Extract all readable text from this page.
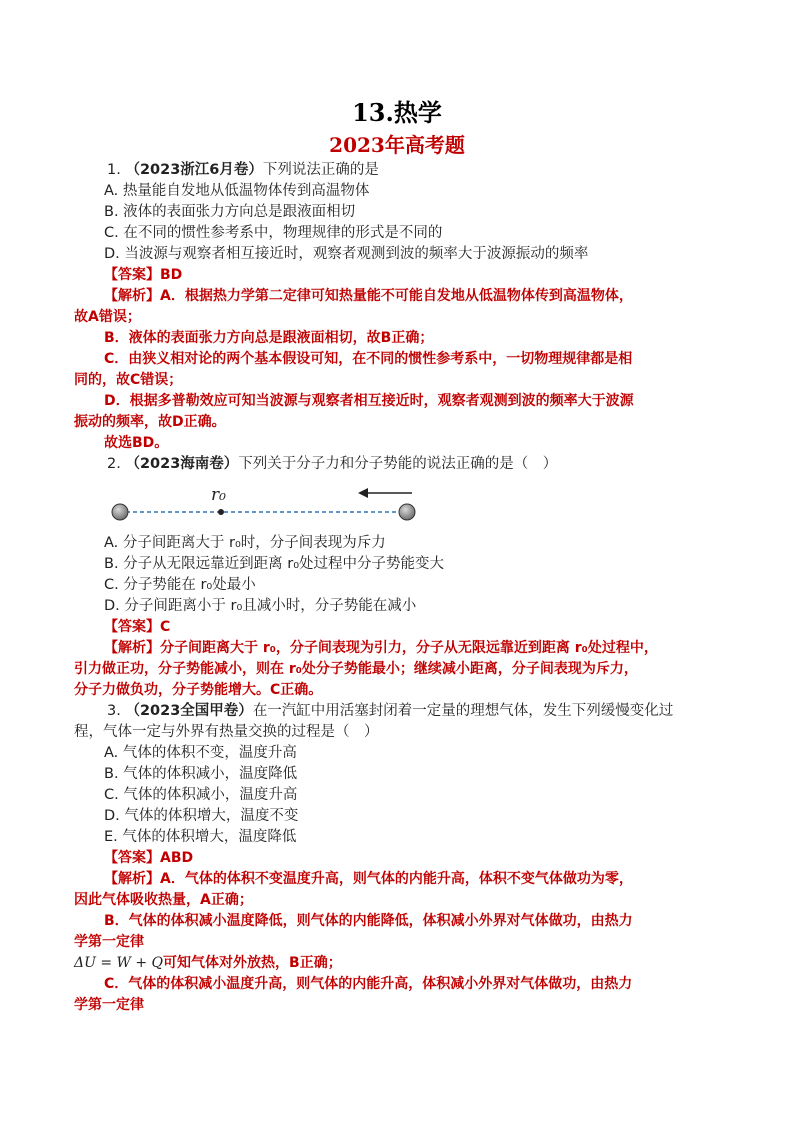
13.热学
2023年高考题
1. （2023浙江6月卷）下列说法正确的是
A. 热量能自发地从低温物体传到高温物体
B. 液体的表面张力方向总是跟液面相切
C. 在不同的惯性参考系中，物理规律的形式是不同的
D. 当波源与观察者相互接近时，观察者观测到波的频率大于波源振动的频率
【答案】BD
【解析】A．根据热力学第二定律可知热量能不可能自发地从低温物体传到高温物体，
故A错误；
B．液体的表面张力方向总是跟液面相切，故B正确；
C．由狭义相对论的两个基本假设可知，在不同的惯性参考系中，一切物理规律都是相
同的，故C错误；
D．根据多普勒效应可知当波源与观察者相互接近时，观察者观测到波的频率大于波源
振动的频率，故D正确。
故选BD。
2. （2023海南卷）下列关于分子力和分子势能的说法正确的是（　）
r₀
A. 分子间距离大于 r₀时，分子间表现为斥力
B. 分子从无限远靠近到距离 r₀处过程中分子势能变大
C. 分子势能在 r₀处最小
D. 分子间距离小于 r₀且减小时，分子势能在减小
【答案】C
【解析】分子间距离大于 r₀，分子间表现为引力，分子从无限远靠近到距离 r₀处过程中，
引力做正功，分子势能减小，则在 r₀处分子势能最小；继续减小距离，分子间表现为斥力，
分子力做负功，分子势能增大。C正确。
3. （2023全国甲卷）在一汽缸中用活塞封闭着一定量的理想气体，发生下列缓慢变化过
程，气体一定与外界有热量交换的过程是（　）
A. 气体的体积不变，温度升高
B. 气体的体积减小，温度降低
C. 气体的体积减小，温度升高
D. 气体的体积增大，温度不变
E. 气体的体积增大，温度降低
【答案】ABD
【解析】A．气体的体积不变温度升高，则气体的内能升高，体积不变气体做功为零，
因此气体吸收热量，A正确；
B．气体的体积减小温度降低，则气体的内能降低，体积减小外界对气体做功，由热力
学第一定律
ΔU = W + Q可知气体对外放热，B正确；
C．气体的体积减小温度升高，则气体的内能升高，体积减小外界对气体做功，由热力
学第一定律
